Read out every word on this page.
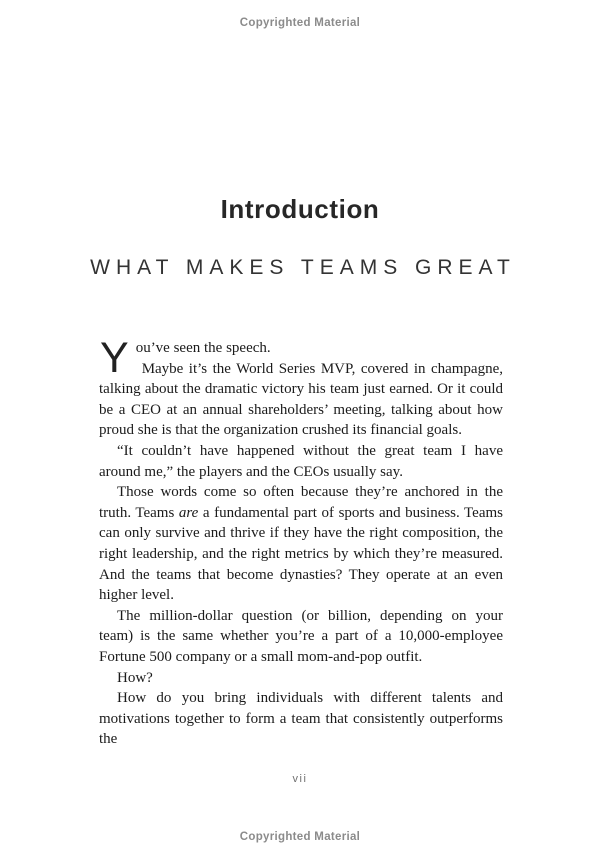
Copyrighted Material
Introduction
WHAT MAKES TEAMS GREAT
Y ou’ve seen the speech.

Maybe it’s the World Series MVP, covered in champagne, talking about the dramatic victory his team just earned. Or it could be a CEO at an annual shareholders’ meeting, talking about how proud she is that the organization crushed its financial goals.

“It couldn’t have happened without the great team I have around me,” the players and the CEOs usually say.

Those words come so often because they’re anchored in the truth. Teams are a fundamental part of sports and business. Teams can only survive and thrive if they have the right composition, the right leadership, and the right metrics by which they’re measured. And the teams that become dynasties? They operate at an even higher level.

The million-dollar question (or billion, depending on your team) is the same whether you’re a part of a 10,000-employee Fortune 500 company or a small mom-and-pop outfit.

How?

How do you bring individuals with different talents and motivations together to form a team that consistently outperforms the

vii
Copyrighted Material
